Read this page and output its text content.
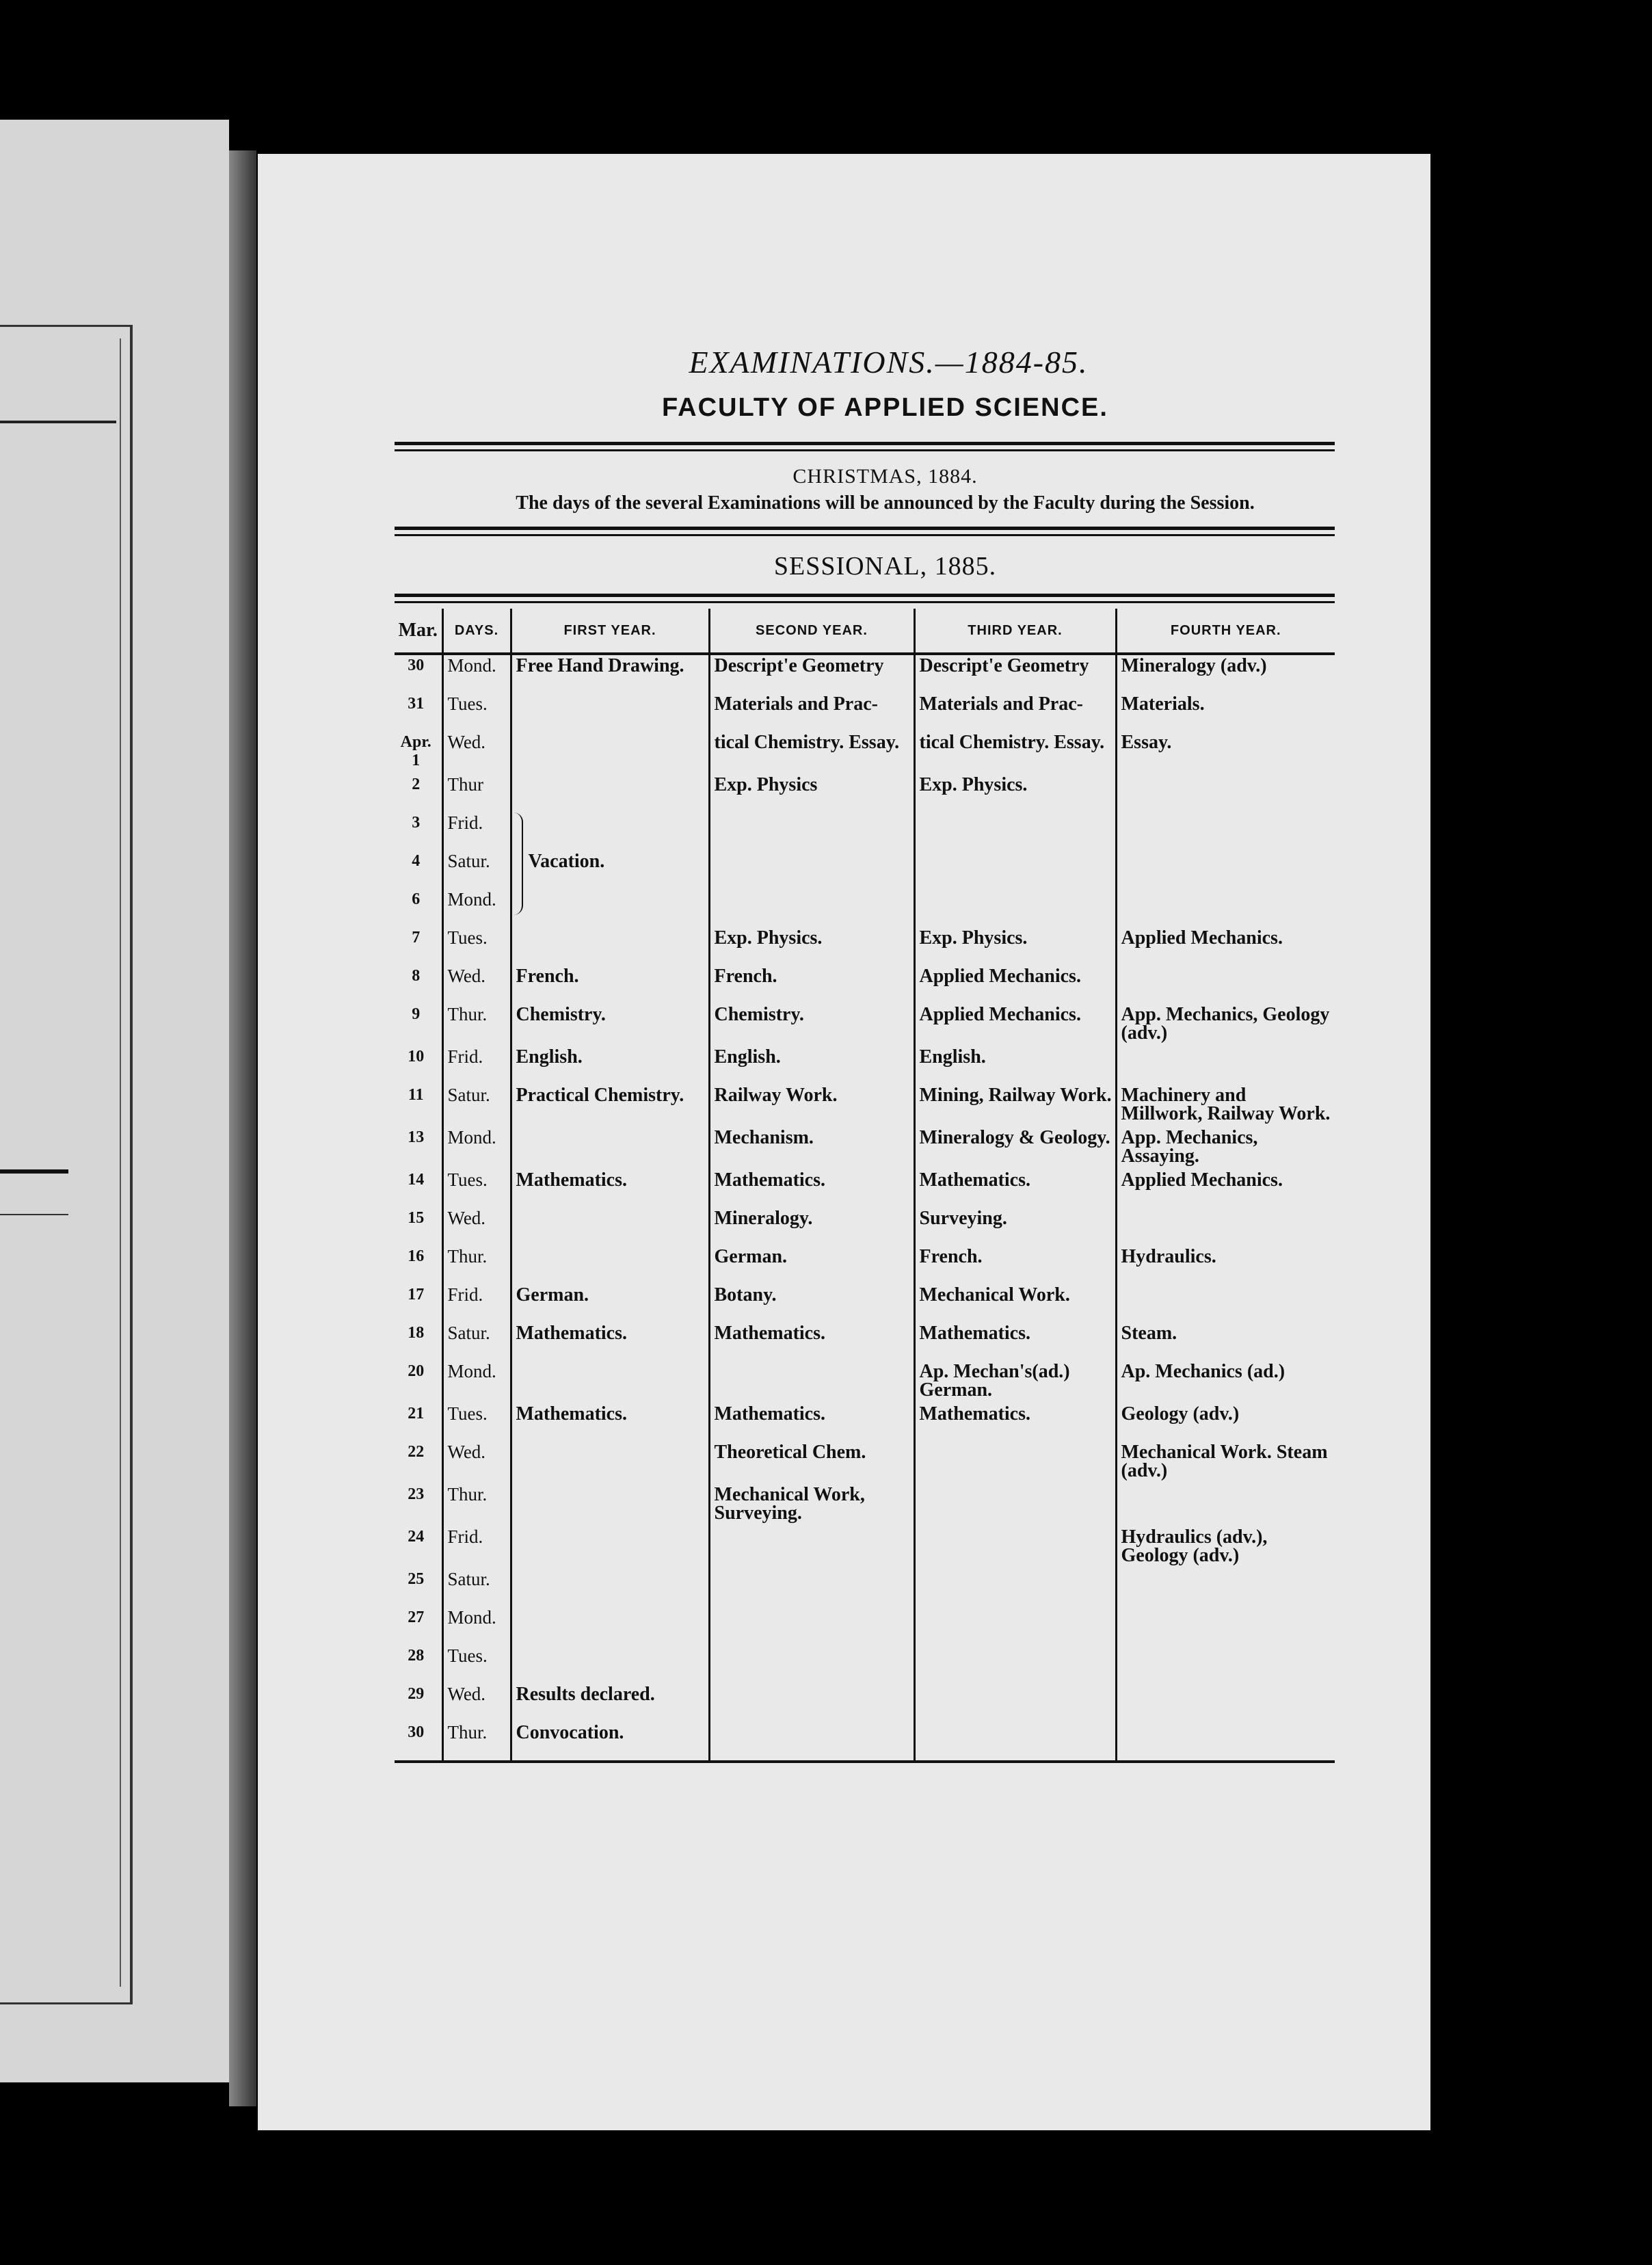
EXAMINATIONS.—1884-85.
FACULTY OF APPLIED SCIENCE.
CHRISTMAS, 1884.
The days of the several Examinations will be announced by the Faculty during the Session.
SESSIONAL, 1885.
Mar.	DAYS.	FIRST YEAR.	SECOND YEAR.	THIRD YEAR.	FOURTH YEAR.
30	Mond.	Free Hand Drawing.	Descript'e Geometry	Descript'e Geometry	Mineralogy (adv.)
31	Tues.		Materials and Prac-	Materials and Prac-	Materials.
Apr. 1	Wed.		tical Chemistry. Essay.	tical Chemistry. Essay.	Essay.
2	Thur		Exp. Physics	Exp. Physics.	
3	Frid.				
4	Satur.	Vacation.			

6	Mond.				
7	Tues.		Exp. Physics.	Exp. Physics.	Applied Mechanics.
8	Wed.	French.	French.	Applied Mechanics.	
9	Thur.	Chemistry.	Chemistry.	Applied Mechanics.	App. Mechanics, Geology (adv.)
10	Frid.	English.	English.	English.	
11	Satur.	Practical Chemistry.	Railway Work.	Mining, Railway Work.	Machinery and Millwork, Railway Work.
13	Mond.		Mechanism.	Mineralogy & Geology.	App. Mechanics, Assaying.
14	Tues.	Mathematics.	Mathematics.	Mathematics.	Applied Mechanics.
15	Wed.		Mineralogy.	Surveying.	
16	Thur.		German.	French.	Hydraulics.
17	Frid.	German.	Botany.	Mechanical Work.	
18	Satur.	Mathematics.	Mathematics.	Mathematics.	Steam.
20	Mond.			Ap. Mechan's(ad.) German.	Ap. Mechanics (ad.)
21	Tues.	Mathematics.	Mathematics.	Mathematics.	Geology (adv.)
22	Wed.		Theoretical Chem.		Mechanical Work. Steam (adv.)
23	Thur.		Mechanical Work, Surveying.		
24	Frid.				Hydraulics (adv.), Geology (adv.)
25	Satur.				
27	Mond.				
28	Tues.				
29	Wed.	Results declared.			
30	Thur.	Convocation.			
